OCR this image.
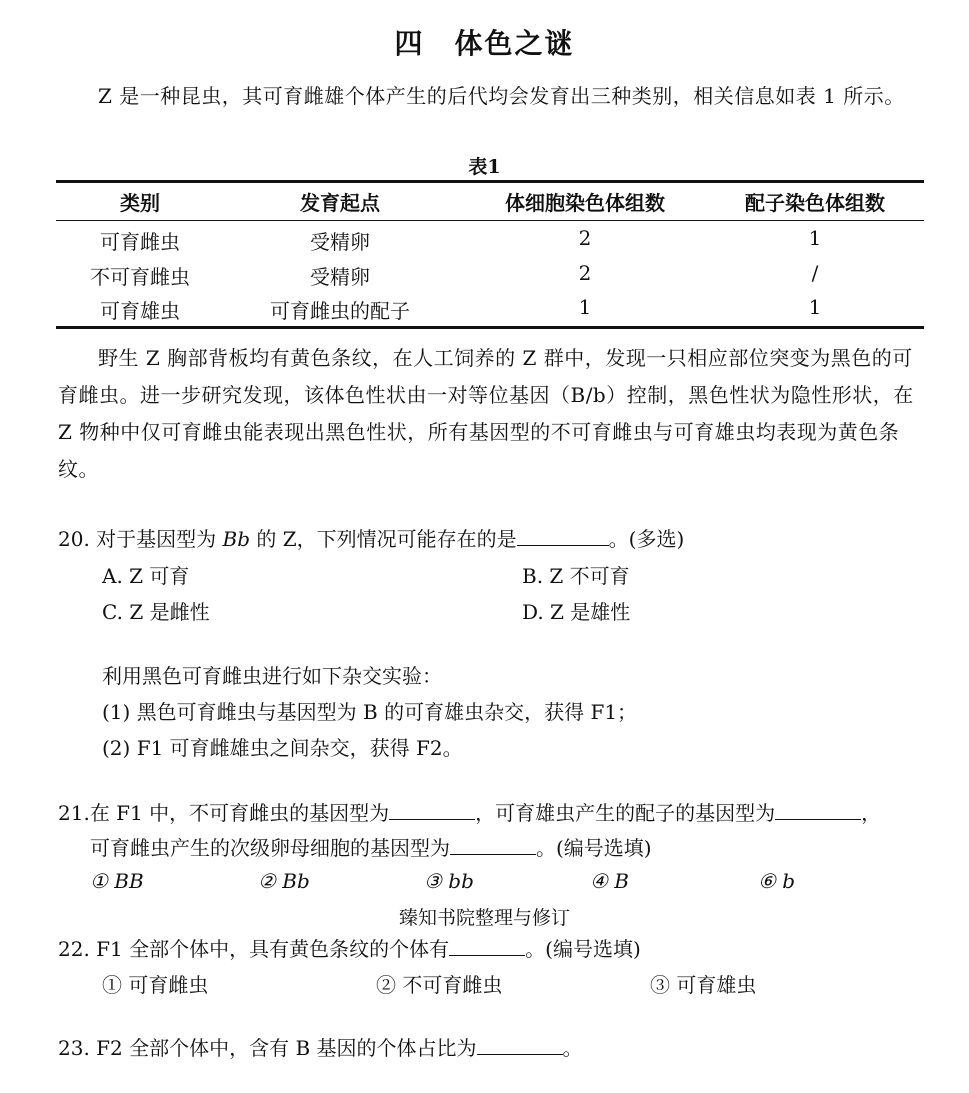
四　体色之谜
Z 是一种昆虫，其可育雌雄个体产生的后代均会发育出三种类别，相关信息如表 1 所示。
表1
类别	发育起点	体细胞染色体组数	配子染色体组数
可育雌虫	受精卵	2	1
不可育雌虫	受精卵	2	/
可育雄虫	可育雌虫的配子	1	1
野生 Z 胸部背板均有黄色条纹，在人工饲养的 Z 群中，发现一只相应部位突变为黑色的可育雌虫。进一步研究发现，该体色性状由一对等位基因（B/b）控制，黑色性状为隐性形状，在 Z 物种中仅可育雌虫能表现出黑色性状，所有基因型的不可育雌虫与可育雄虫均表现为黄色条纹。
20. 对于基因型为 Bb 的 Z，下列情况可能存在的是	。(多选)
A. Z 可育	B. Z 不可育
C. Z 是雌性	D. Z 是雄性
利用黑色可育雌虫进行如下杂交实验：
(1) 黑色可育雌虫与基因型为 B 的可育雄虫杂交，获得 F1；
(2) F1 可育雌雄虫之间杂交，获得 F2。
21.在 F1 中，不可育雌虫的基因型为	，可育雄虫产生的配子的基因型为	，
可育雌虫产生的次级卵母细胞的基因型为	。(编号选填)
① BB	② Bb	③ bb	④ B	⑥ b
臻知书院整理与修订
22. F1 全部个体中，具有黄色条纹的个体有	。(编号选填)
① 可育雌虫	② 不可育雌虫	③ 可育雄虫
23. F2 全部个体中，含有 B 基因的个体占比为	。
